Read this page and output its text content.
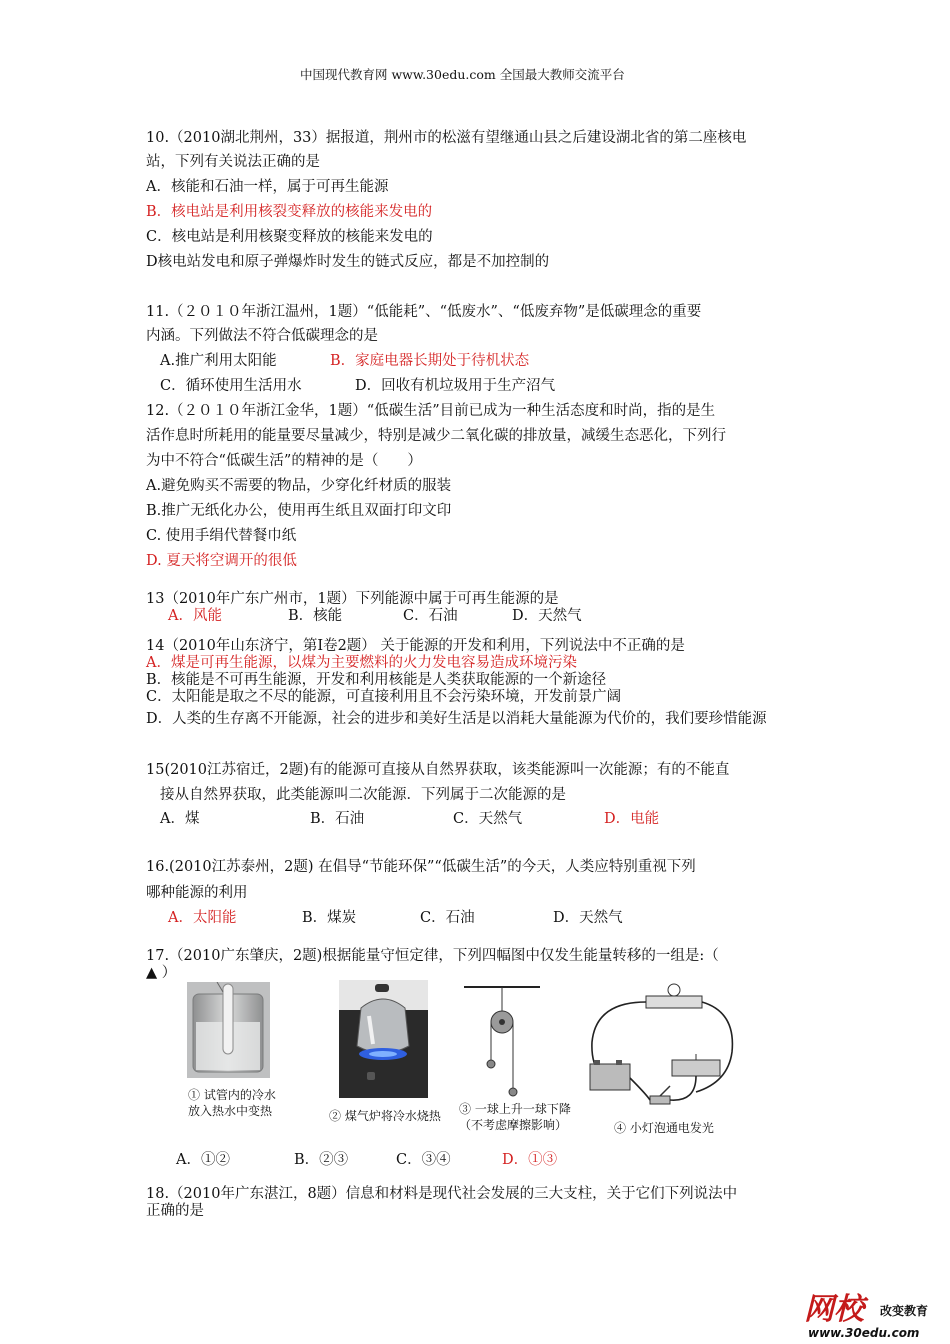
中国现代教育网 www.30edu.com 全国最大教师交流平台
10.（2010湖北荆州，33）据报道，荆州市的松滋有望继通山县之后建设湖北省的第二座核电
站，下列有关说法正确的是
A．核能和石油一样，属于可再生能源
B．核电站是利用核裂变释放的核能来发电的
C．核电站是利用核聚变释放的核能来发电的
D核电站发电和原子弹爆炸时发生的链式反应，都是不加控制的
11.（２０１０年浙江温州，1题）“低能耗”、“低废水”、“低废弃物”是低碳理念的重要
内涵。下列做法不符合低碳理念的是
A.推广利用太阳能	B．家庭电器长期处于待机状态
C．循环使用生活用水	D．回收有机垃圾用于生产沼气
12.（２０１０年浙江金华，1题）“低碳生活”目前已成为一种生活态度和时尚，指的是生
活作息时所耗用的能量要尽量减少，特别是减少二氧化碳的排放量，减缓生态恶化，下列行
为中不符合“低碳生活”的精神的是（　　）
A.避免购买不需要的物品，少穿化纤材质的服装
B.推广无纸化办公，使用再生纸且双面打印文印
C. 使用手绢代替餐巾纸
D. 夏天将空调开的很低
13（2010年广东广州市，1题）下列能源中属于可再生能源的是
A．风能	B．核能	C．石油	D．天然气
14（2010年山东济宁，第Ⅰ卷2题） 关于能源的开发和利用，下列说法中不正确的是
A．煤是可再生能源，以煤为主要燃料的火力发电容易造成环境污染
B．核能是不可再生能源，开发和利用核能是人类获取能源的一个新途径
C．太阳能是取之不尽的能源，可直接利用且不会污染环境，开发前景广阔
D．人类的生存离不开能源，社会的进步和美好生活是以消耗大量能源为代价的，我们要珍惜能源
15(2010江苏宿迁，2题)有的能源可直接从自然界获取，该类能源叫一次能源；有的不能直
接从自然界获取，此类能源叫二次能源．下列属于二次能源的是
A．煤	B．石油	C．天然气	D．电能
16.(2010江苏泰州，2题) 在倡导“节能环保”“低碳生活”的今天，人类应特别重视下列
哪种能源的利用
A．太阳能	B．煤炭	C．石油	D．天然气
17.（2010广东肇庆，2题)根据能量守恒定律，下列四幅图中仅发生能量转移的一组是:（
▲ ）
① 试管内的冷水放入热水中变热	② 煤气炉将冷水烧热 ③ 一球上升一球下降（不考虑摩擦影响）	④ 小灯泡通电发光
A．①②	B．②③	C．③④	D．①③
18.（2010年广东湛江，8题）信息和材料是现代社会发展的三大支柱，关于它们下列说法中
正确的是
网校 改变教育
www.30edu.com
